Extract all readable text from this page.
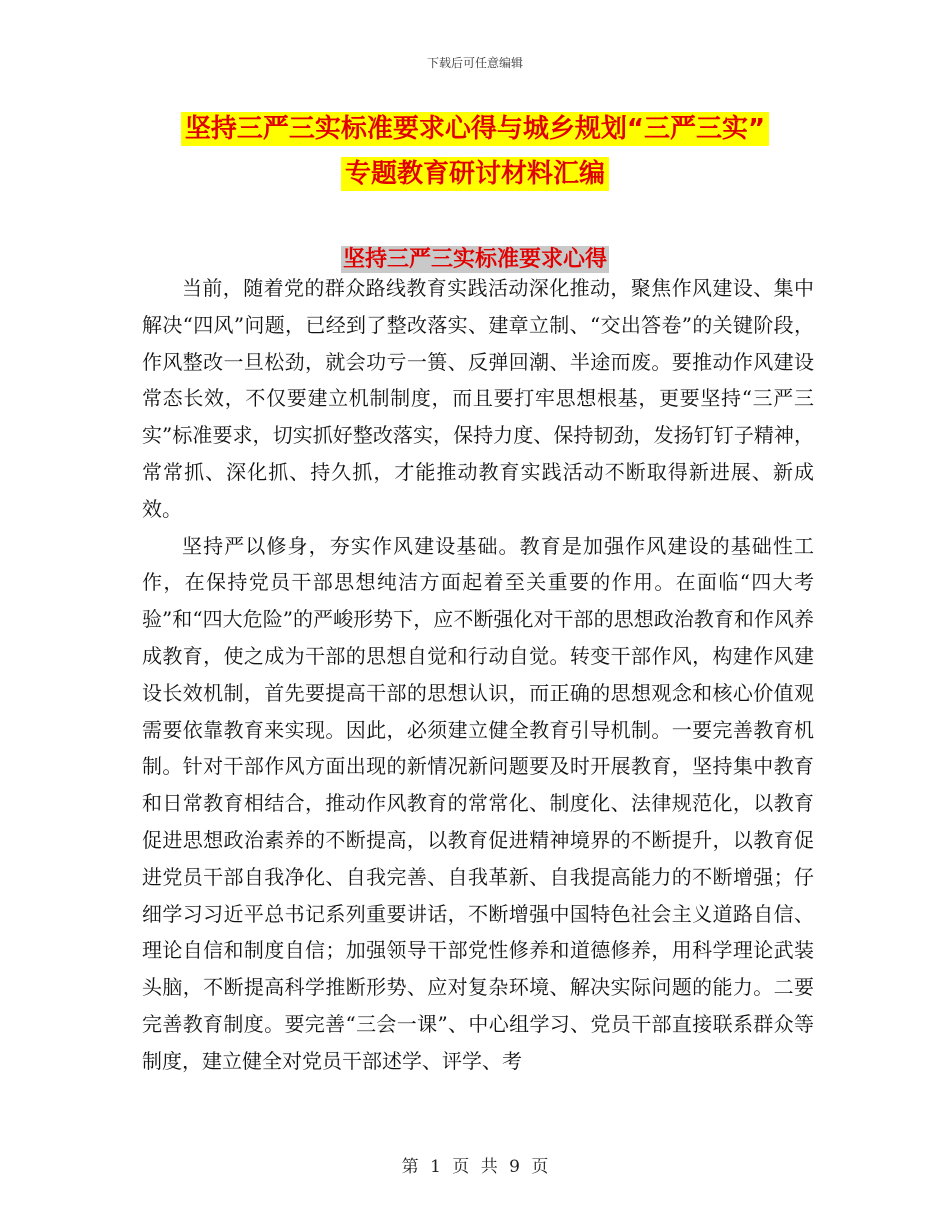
下载后可任意编辑
坚持三严三实标准要求心得与城乡规划“三严三实”
专题教育研讨材料汇编
坚持三严三实标准要求心得

当前，随着党的群众路线教育实践活动深化推动，聚焦作风建设、集中解决“四风”问题，已经到了整改落实、建章立制、“交出答卷”的关键阶段，作风整改一旦松劲，就会功亏一篑、反弹回潮、半途而废。要推动作风建设常态长效，不仅要建立机制制度，而且要打牢思想根基，更要坚持“三严三实”标准要求，切实抓好整改落实，保持力度、保持韧劲，发扬钉钉子精神，常常抓、深化抓、持久抓，才能推动教育实践活动不断取得新进展、新成效。

坚持严以修身，夯实作风建设基础。教育是加强作风建设的基础性工作，在保持党员干部思想纯洁方面起着至关重要的作用。在面临“四大考验”和“四大危险”的严峻形势下，应不断强化对干部的思想政治教育和作风养成教育，使之成为干部的思想自觉和行动自觉。转变干部作风，构建作风建设长效机制，首先要提高干部的思想认识，而正确的思想观念和核心价值观需要依靠教育来实现。因此，必须建立健全教育引导机制。一要完善教育机制。针对干部作风方面出现的新情况新问题要及时开展教育，坚持集中教育和日常教育相结合，推动作风教育的常常化、制度化、法律规范化，以教育促进思想政治素养的不断提高，以教育促进精神境界的不断提升，以教育促进党员干部自我净化、自我完善、自我革新、自我提高能力的不断增强；仔细学习习近平总书记系列重要讲话，不断增强中国特色社会主义道路自信、理论自信和制度自信；加强领导干部党性修养和道德修养，用科学理论武装头脑，不断提高科学推断形势、应对复杂环境、解决实际问题的能力。二要完善教育制度。要完善“三会一课”、中心组学习、党员干部直接联系群众等制度，建立健全对党员干部述学、评学、考

第 1 页 共 9 页
